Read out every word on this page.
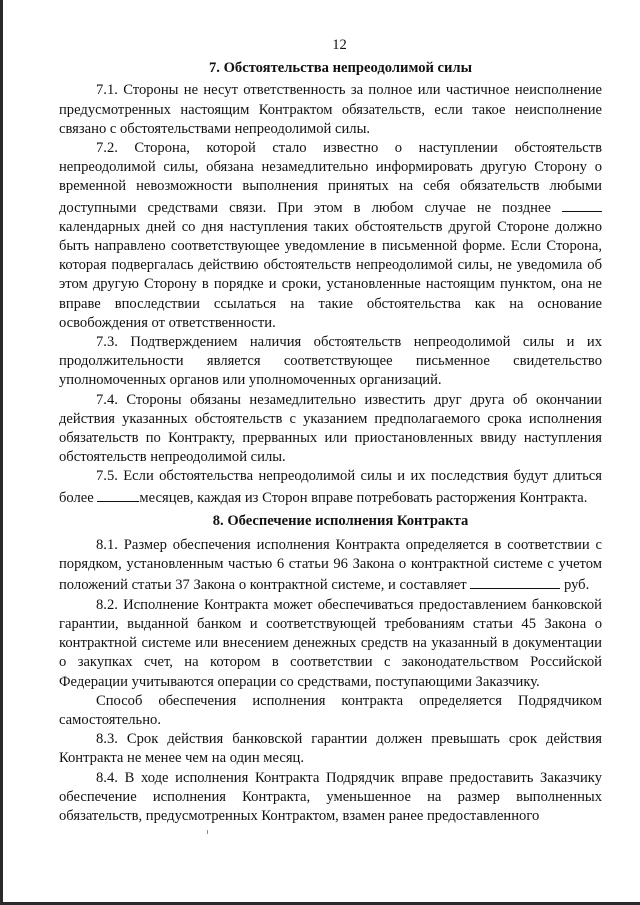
12
7. Обстоятельства непреодолимой силы

7.1. Стороны не несут ответственность за полное или частичное неисполнение предусмотренных настоящим Контрактом обязательств, если такое неисполнение связано с обстоятельствами непреодолимой силы.

7.2. Сторона, которой стало известно о наступлении обстоятельств непреодолимой силы, обязана незамедлительно информировать другую Сторону о временной невозможности выполнения принятых на себя обязательств любыми доступными средствами связи. При этом в любом случае не позднее  календарных дней со дня наступления таких обстоятельств другой Стороне должно быть направлено соответствующее уведомление в письменной форме. Если Сторона, которая подвергалась действию обстоятельств непреодолимой силы, не уведомила об этом другую Сторону в порядке и сроки, установленные настоящим пунктом, она не вправе впоследствии ссылаться на такие обстоятельства как на основание освобождения от ответственности.

7.3. Подтверждением наличия обстоятельств непреодолимой силы и их продолжительности является соответствующее письменное свидетельство уполномоченных органов или уполномоченных организаций.

7.4. Стороны обязаны незамедлительно известить друг друга об окончании действия указанных обстоятельств с указанием предполагаемого срока исполнения обязательств по Контракту, прерванных или приостановленных ввиду наступления обстоятельств непреодолимой силы.

7.5. Если обстоятельства непреодолимой силы и их последствия будут длиться более	месяцев, каждая из Сторон вправе потребовать расторжения Контракта.

8. Обеспечение исполнения Контракта

8.1. Размер обеспечения исполнения Контракта определяется в соответствии с порядком, установленным частью 6 статьи 96 Закона о контрактной системе с учетом положений статьи 37 Закона о контрактной системе, и составляет	руб.

8.2. Исполнение Контракта может обеспечиваться предоставлением банковской гарантии, выданной банком и соответствующей требованиям статьи 45 Закона о контрактной системе или внесением денежных средств на указанный в документации о закупках счет, на котором в соответствии с законодательством Российской Федерации учитываются операции со средствами, поступающими Заказчику.

Способ обеспечения исполнения контракта определяется Подрядчиком самостоятельно.

8.3. Срок действия банковской гарантии должен превышать срок действия Контракта не менее чем на один месяц.

8.4. В ходе исполнения Контракта Подрядчик вправе предоставить Заказчику обеспечение исполнения Контракта, уменьшенное на размер выполненных обязательств, предусмотренных Контрактом, взамен ранее предоставленного
